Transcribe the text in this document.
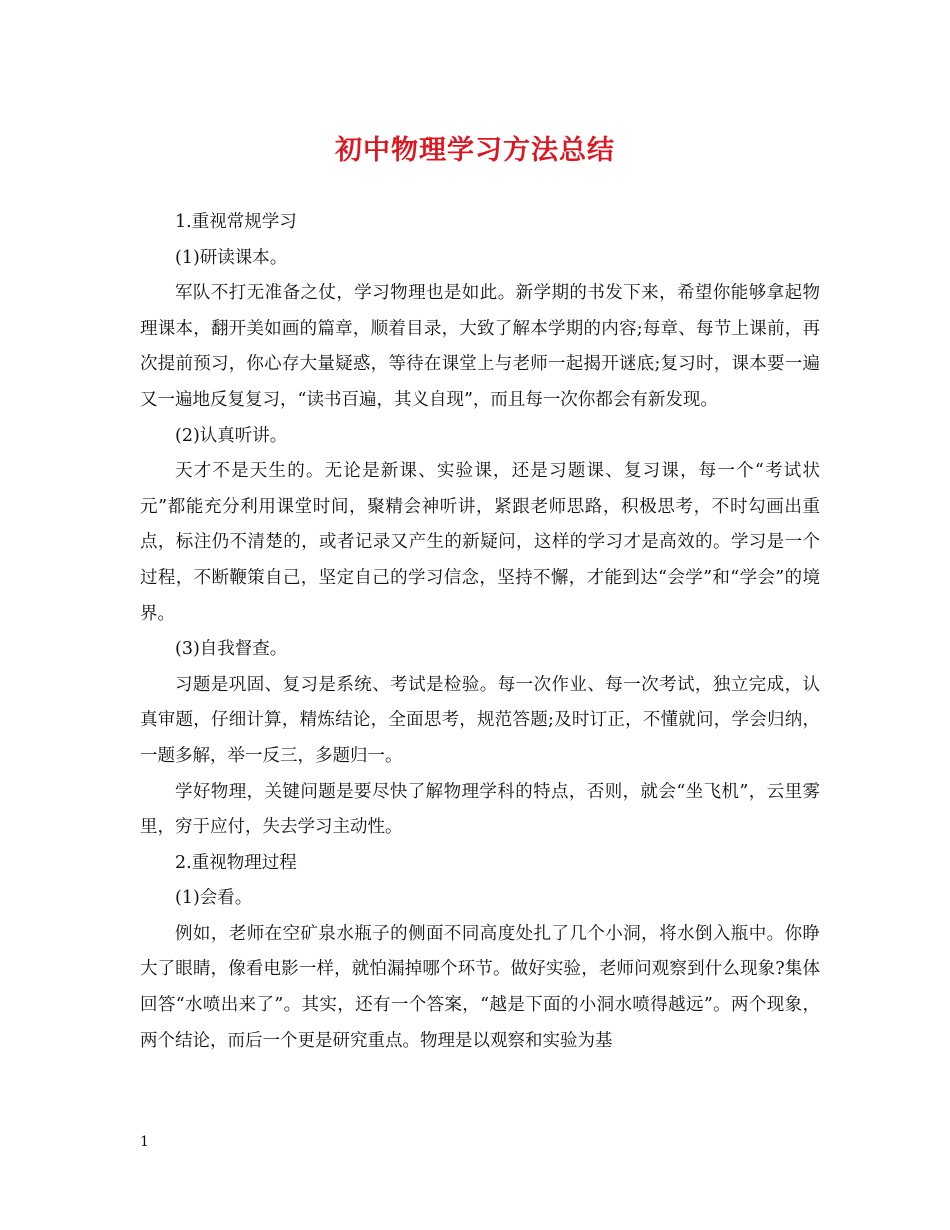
初中物理学习方法总结

1.重视常规学习

(1)研读课本。

军队不打无准备之仗，学习物理也是如此。新学期的书发下来，希望你能够拿起物理课本，翻开美如画的篇章，顺着目录，大致了解本学期的内容;每章、每节上课前，再次提前预习，你心存大量疑惑，等待在课堂上与老师一起揭开谜底;复习时，课本要一遍又一遍地反复复习，“读书百遍，其义自现”，而且每一次你都会有新发现。

(2)认真听讲。

天才不是天生的。无论是新课、实验课，还是习题课、复习课，每一个“考试状元”都能充分利用课堂时间，聚精会神听讲，紧跟老师思路，积极思考，不时勾画出重点，标注仍不清楚的，或者记录又产生的新疑问，这样的学习才是高效的。学习是一个过程，不断鞭策自己，坚定自己的学习信念，坚持不懈，才能到达“会学”和“学会”的境界。

(3)自我督查。

习题是巩固、复习是系统、考试是检验。每一次作业、每一次考试，独立完成，认真审题，仔细计算，精炼结论，全面思考，规范答题;及时订正，不懂就问，学会归纳，一题多解，举一反三，多题归一。

学好物理，关键问题是要尽快了解物理学科的特点，否则，就会“坐飞机”，云里雾里，穷于应付，失去学习主动性。

2.重视物理过程

(1)会看。

例如，老师在空矿泉水瓶子的侧面不同高度处扎了几个小洞，将水倒入瓶中。你睁大了眼睛，像看电影一样，就怕漏掉哪个环节。做好实验，老师问观察到什么现象?集体回答“水喷出来了”。其实，还有一个答案，“越是下面的小洞水喷得越远”。两个现象，两个结论，而后一个更是研究重点。物理是以观察和实验为基

1
